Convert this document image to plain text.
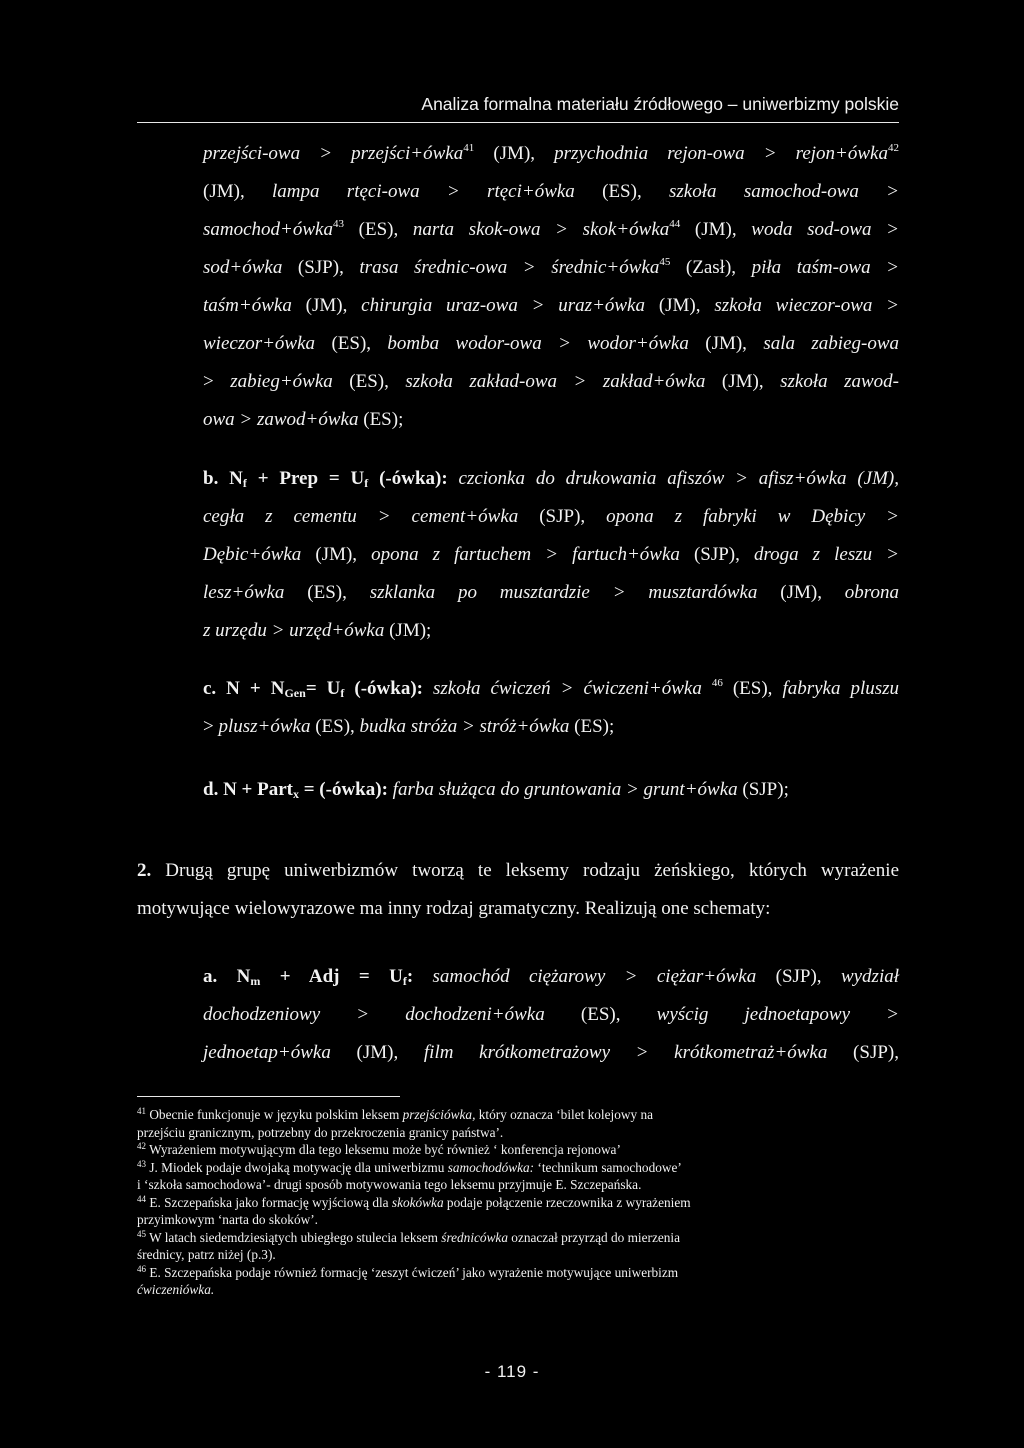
Analiza formalna materiału źródłowego – uniwerbizmy polskie
przejści-owa > przejści+ówka$^{41}$ (JM), przychodnia rejon-owa > rejon+ówka$^{42}$
(JM), lampa rtęci-owa > rtęci+ówka (ES), szkoła samochod-owa >
samochod+ówka$^{43}$ (ES), narta skok-owa > skok+ówka$^{44}$ (JM), woda sod-owa >
sod+ówka (SJP), trasa średnic-owa > średnic+ówka$^{45}$ (Zasł), piła taśm-owa >
taśm+ówka (JM), chirurgia uraz-owa > uraz+ówka (JM), szkoła wieczor-owa >
wieczor+ówka (ES), bomba wodor-owa > wodor+ówka (JM), sala zabieg-owa
> zabieg+ówka (ES), szkoła zakład-owa > zakład+ówka (JM), szkoła zawod-
owa > zawod+ówka (ES);
b. $N_f$ + Prep = $U_f$ (-ówka): czcionka do drukowania afiszów > afisz+ówka (JM),
cegła z cementu > cement+ówka (SJP), opona z fabryki w Dębicy >
Dębic+ówka (JM), opona z fartuchem > fartuch+ówka (SJP), droga z leszu >
lesz+ówka (ES), szklanka po musztardzie > musztardówka (JM), obrona
z urzędu > urzęd+ówka (JM);
c. $N + N_{Gen}= U_f$ (-ówka): szkoła ćwiczeń > ćwiczeni+ówka $^{46}$ (ES), fabryka pluszu
> plusz+ówka (ES), budka stróża > stróż+ówka (ES);
d. N + Part$_x$ = (-ówka): farba służąca do gruntowania > grunt+ówka (SJP);
2. Drugą grupę uniwerbizmów tworzą te leksemy rodzaju żeńskiego, których wyrażenie
motywujące wielowyrazowe ma inny rodzaj gramatyczny. Realizują one schematy:
a. $N_m$ + Adj = $U_f$: samochód ciężarowy > ciężar+ówka (SJP), wydział
dochodzeniowy > dochodzeni+ówka (ES), wyścig jednoetapowy >
jednoetap+ówka (JM), film krótkometrażowy > krótkometraż+ówka (SJP),
$^{41}$ Obecnie funkcjonuje w języku polskim leksem przejściówka, który oznacza ‘bilet kolejowy na
przejściu granicznym, potrzebny do przekroczenia granicy państwa’.
$^{42}$ Wyrażeniem motywującym dla tego leksemu może być również ‘ konferencja rejonowa’
$^{43}$ J. Miodek podaje dwojaką motywację dla uniwerbizmu samochodówka: ‘technikum samochodowe’
i ‘szkoła samochodowa’- drugi sposób motywowania tego leksemu przyjmuje E. Szczepańska.
$^{44}$ E. Szczepańska jako formację wyjściową dla skokówka podaje połączenie rzeczownika z wyrażeniem
przyimkowym ‘narta do skoków’.
$^{45}$ W latach siedemdziesiątych ubiegłego stulecia leksem średnicówka oznaczał przyrząd do mierzenia
średnicy, patrz niżej (p.3).
$^{46}$ E. Szczepańska podaje również formację ‘zeszyt ćwiczeń’ jako wyrażenie motywujące uniwerbizm
ćwiczeniówka.
- 119 -
